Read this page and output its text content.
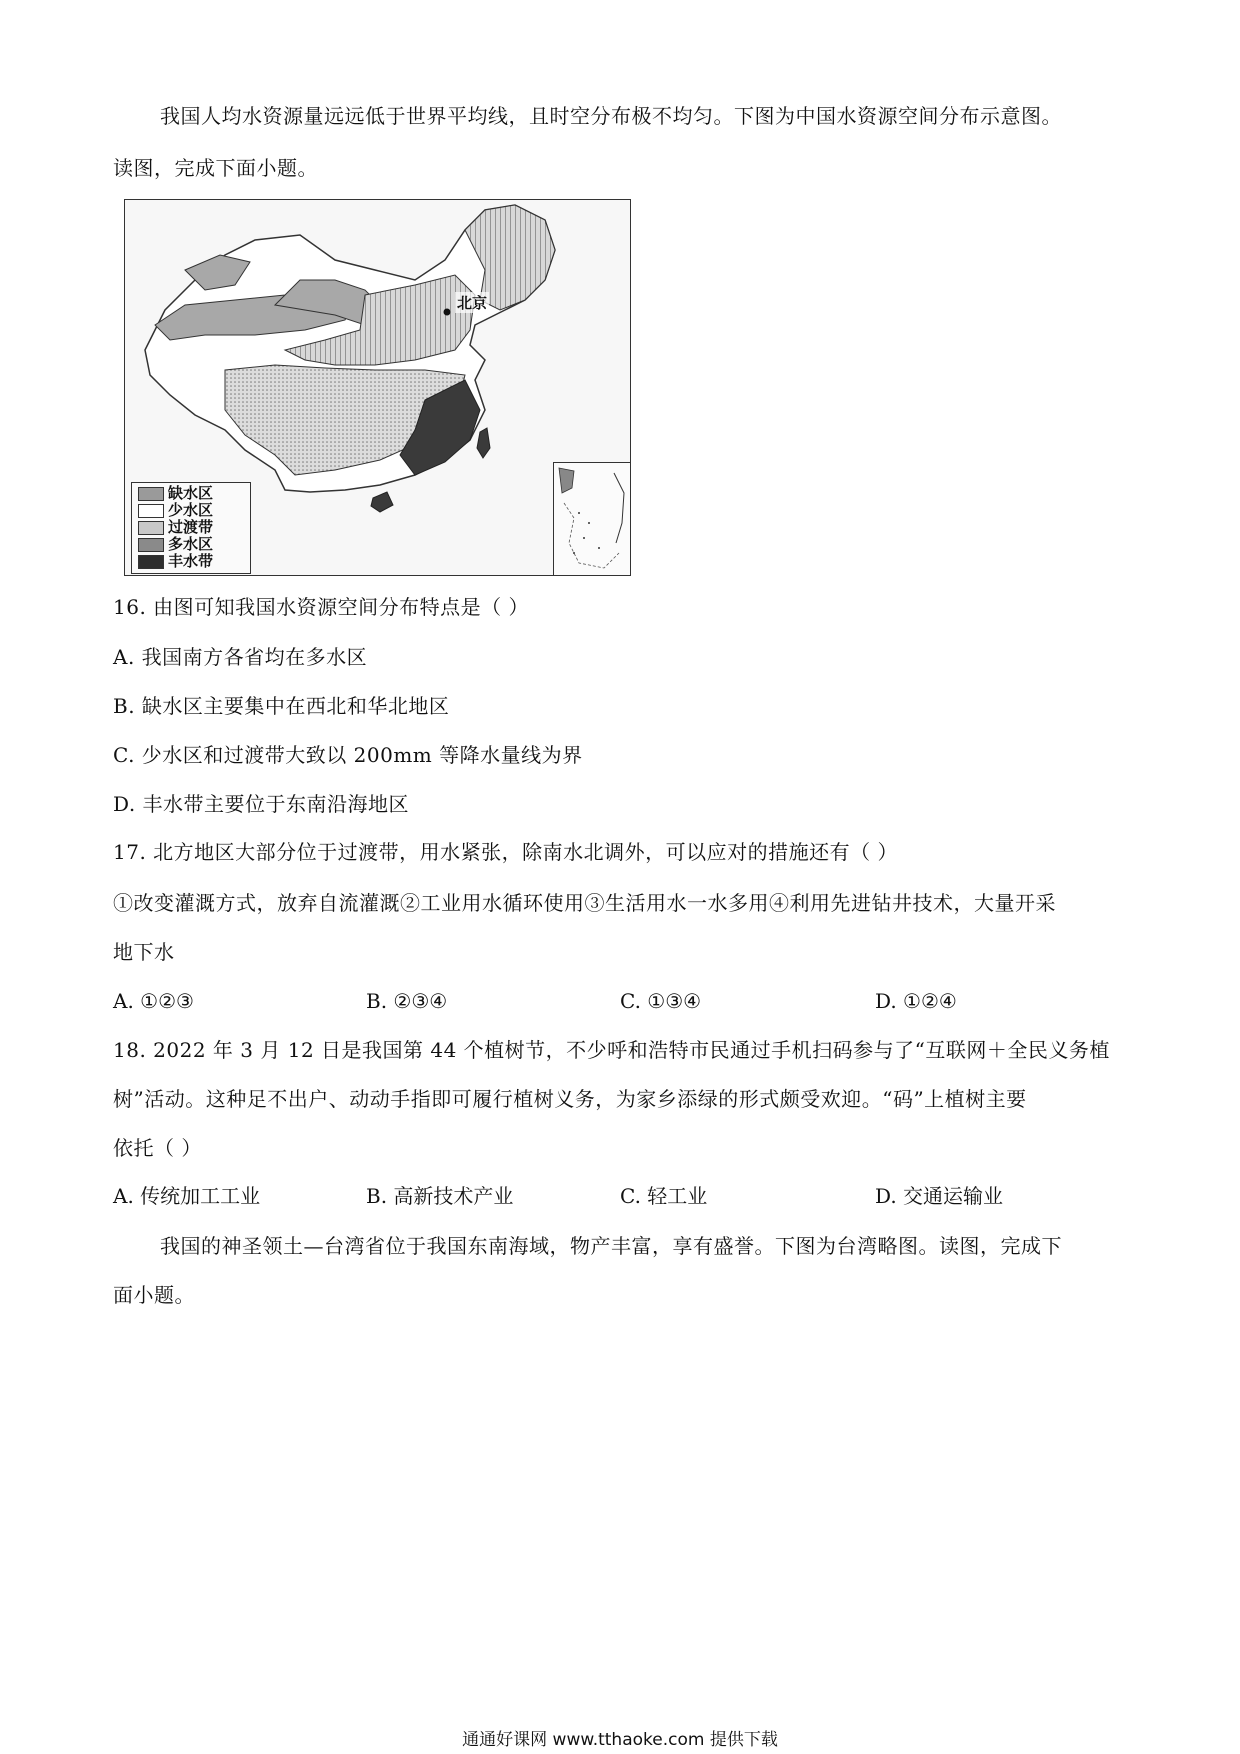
我国人均水资源量远远低于世界平均线，且时空分布极不均匀。下图为中国水资源空间分布示意图。
读图，完成下面小题。
北京
缺水区
少水区
过渡带
多水区
丰水带
16. 由图可知我国水资源空间分布特点是（ ）
A. 我国南方各省均在多水区
B. 缺水区主要集中在西北和华北地区
C. 少水区和过渡带大致以 200mm 等降水量线为界
D. 丰水带主要位于东南沿海地区
17. 北方地区大部分位于过渡带，用水紧张，除南水北调外，可以应对的措施还有（ ）
①改变灌溉方式，放弃自流灌溉②工业用水循环使用③生活用水一水多用④利用先进钻井技术，大量开采
地下水
A. ①②③	B. ②③④	C. ①③④	D. ①②④
18. 2022 年 3 月 12 日是我国第 44 个植树节，不少呼和浩特市民通过手机扫码参与了“互联网＋全民义务植
树”活动。这种足不出户、动动手指即可履行植树义务，为家乡添绿的形式颇受欢迎。“码”上植树主要
依托（ ）
A. 传统加工工业	B. 高新技术产业	C. 轻工业	D. 交通运输业
我国的神圣领土—台湾省位于我国东南海域，物产丰富，享有盛誉。下图为台湾略图。读图，完成下
面小题。
通通好课网 www.tthaoke.com 提供下载
